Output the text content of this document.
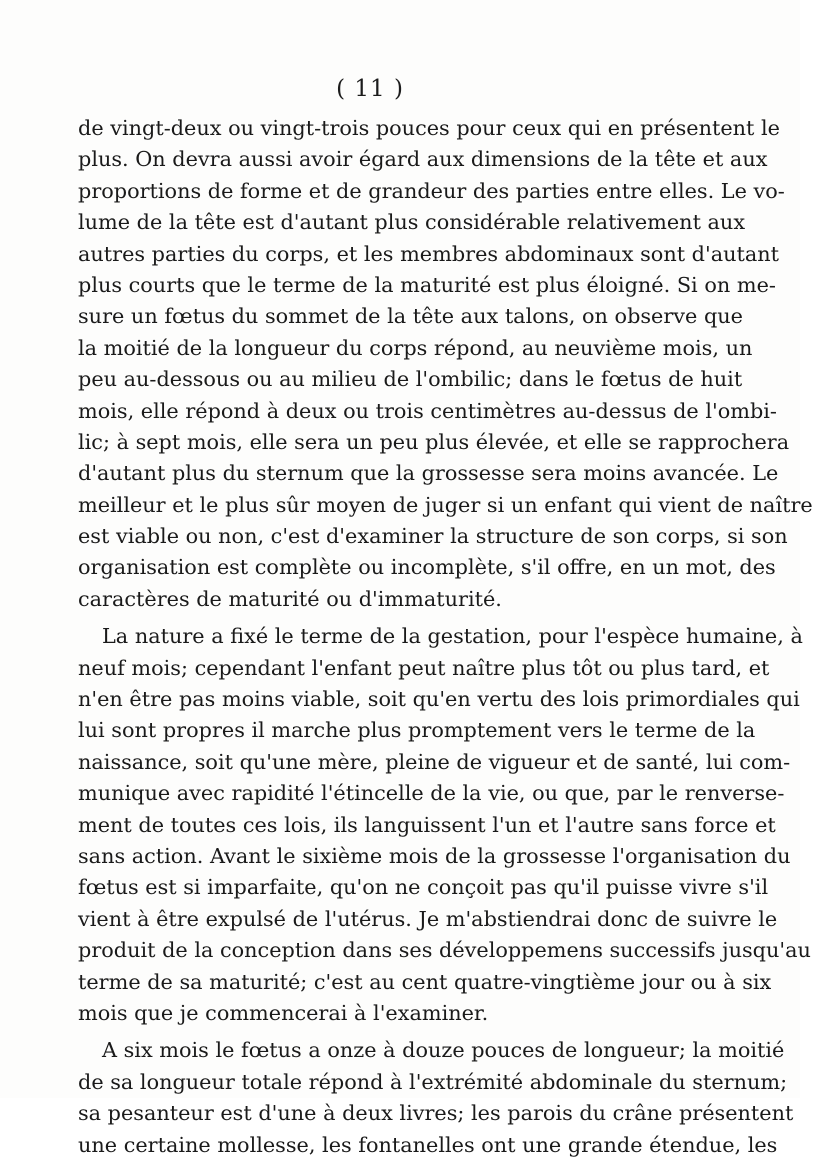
( 11 )
de vingt-deux ou vingt-trois pouces pour ceux qui en présentent le
plus. On devra aussi avoir égard aux dimensions de la tête et aux
proportions de forme et de grandeur des parties entre elles. Le vo-
lume de la tête est d'autant plus considérable relativement aux
autres parties du corps, et les membres abdominaux sont d'autant
plus courts que le terme de la maturité est plus éloigné. Si on me-
sure un fœtus du sommet de la tête aux talons, on observe que
la moitié de la longueur du corps répond, au neuvième mois, un
peu au-dessous ou au milieu de l'ombilic; dans le fœtus de huit
mois, elle répond à deux ou trois centimètres au-dessus de l'ombi-
lic; à sept mois, elle sera un peu plus élevée, et elle se rapprochera
d'autant plus du sternum que la grossesse sera moins avancée. Le
meilleur et le plus sûr moyen de juger si un enfant qui vient de naître
est viable ou non, c'est d'examiner la structure de son corps, si son
organisation est complète ou incomplète, s'il offre, en un mot, des
caractères de maturité ou d'immaturité.
La nature a fixé le terme de la gestation, pour l'espèce humaine, à
neuf mois; cependant l'enfant peut naître plus tôt ou plus tard, et
n'en être pas moins viable, soit qu'en vertu des lois primordiales qui
lui sont propres il marche plus promptement vers le terme de la
naissance, soit qu'une mère, pleine de vigueur et de santé, lui com-
munique avec rapidité l'étincelle de la vie, ou que, par le renverse-
ment de toutes ces lois, ils languissent l'un et l'autre sans force et
sans action. Avant le sixième mois de la grossesse l'organisation du
fœtus est si imparfaite, qu'on ne conçoit pas qu'il puisse vivre s'il
vient à être expulsé de l'utérus. Je m'abstiendrai donc de suivre le
produit de la conception dans ses développemens successifs jusqu'au
terme de sa maturité; c'est au cent quatre-vingtième jour ou à six
mois que je commencerai à l'examiner.
A six mois le fœtus a onze à douze pouces de longueur; la moitié
de sa longueur totale répond à l'extrémité abdominale du sternum;
sa pesanteur est d'une à deux livres; les parois du crâne présentent
une certaine mollesse, les fontanelles ont une grande étendue, les
